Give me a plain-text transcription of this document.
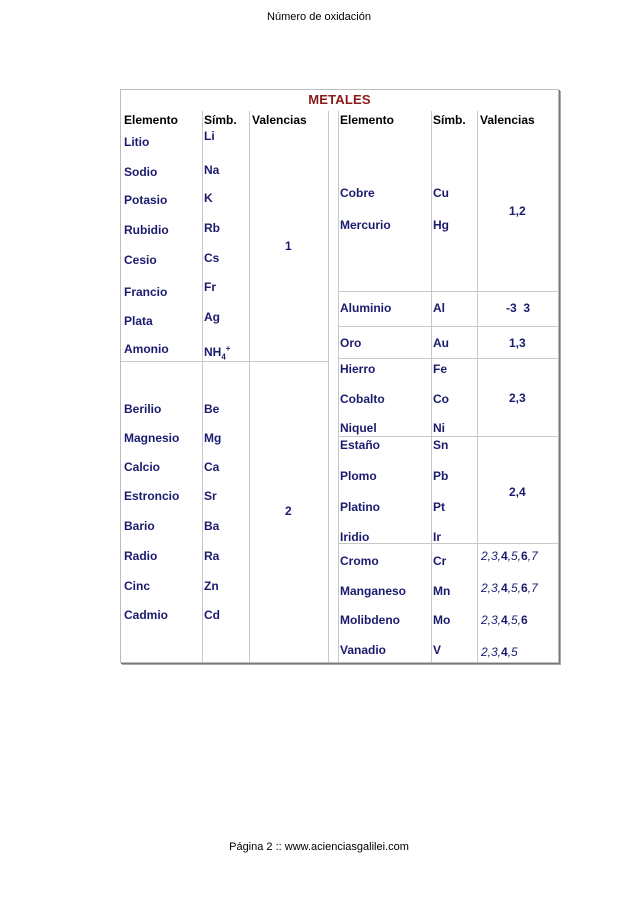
Número de oxidación
METALES
Elemento Símb. Valencias	Elemento	Símb. Valencias
Litio	Li
Sodio	Na
Potasio	K
Rubidio	Rb
Cesio	Cs
Francio	Fr
Plata	Ag
Amonio	$NH_4^+$
1
Berilio	Be
Magnesio Mg
Calcio	Ca
Estroncio Sr
Bario	Ba
Radio	Ra
Cinc	Zn
Cadmio	Cd
2
Cobre	Cu
Mercurio	Hg
1,2
Aluminio	Al	-3  3
Oro	Au	1,3
Hierro	Fe
Cobalto	Co
Niquel	Ni
2,3
Estaño	Sn
Plomo	Pb
Platino	Pt
Iridio	Ir
2,4
Cromo	Cr	2,3,4,5,6,7
Manganeso Mn	2,3,4,5,6,7
Molibdeno	Mo	2,3,4,5,6
Vanadio	V	2,3,4,5
Página 2 :: www.acienciasgalilei.com
